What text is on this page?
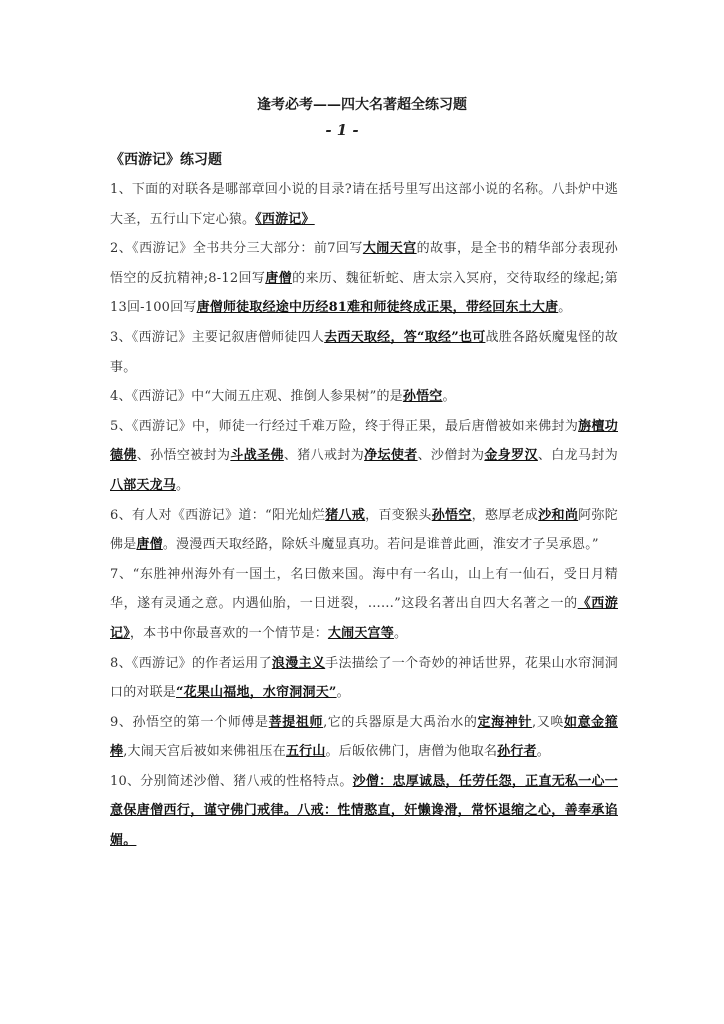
逢考必考——四大名著超全练习题
- 1 -
《西游记》练习题

1、下面的对联各是哪部章回小说的目录?请在括号里写出这部小说的名称。八卦炉中逃大圣，五行山下定心猿。《西游记》

2、《西游记》全书共分三大部分：前7回写大闹天宫的故事，是全书的精华部分表现孙悟空的反抗精神;8-12回写唐僧的来历、魏征斩蛇、唐太宗入冥府，交待取经的缘起;第13回-100回写唐僧师徒取经途中历经81难和师徒终成正果，带经回东土大唐。

3、《西游记》主要记叙唐僧师徒四人去西天取经，答“取经”也可战胜各路妖魔鬼怪的故事。

4、《西游记》中“大闹五庄观、推倒人参果树”的是孙悟空。

5、《西游记》中，师徒一行经过千难万险，终于得正果，最后唐僧被如来佛封为旃檀功德佛、孙悟空被封为斗战圣佛、猪八戒封为净坛使者、沙僧封为金身罗汉、白龙马封为八部天龙马。

6、有人对《西游记》道：“阳光灿烂猪八戒，百变猴头孙悟空，憨厚老成沙和尚阿弥陀佛是唐僧。漫漫西天取经路，除妖斗魔显真功。若问是谁普此画，淮安才子吴承恩。”

7、“东胜神州海外有一国土，名曰傲来国。海中有一名山，山上有一仙石，受日月精华，遂有灵通之意。内遇仙胎，一日迸裂，……”这段名著出自四大名著之一的《西游记》，本书中你最喜欢的一个情节是：大闹天宫等。

8、《西游记》的作者运用了浪漫主义手法描绘了一个奇妙的神话世界，花果山水帘洞洞口的对联是“花果山福地，水帘洞洞天”。

9、孙悟空的第一个师傅是菩提祖师,它的兵器原是大禹治水的定海神针,又唤如意金箍棒,大闹天宫后被如来佛祖压在五行山。后皈依佛门，唐僧为他取名孙行者。

10、分别简述沙僧、猪八戒的性格特点。沙僧：忠厚诚恳，任劳任怨，正直无私一心一意保唐僧西行，谨守佛门戒律。八戒：性情憨直，奸懒谗滑，常怀退缩之心，善奉承谄媚。
